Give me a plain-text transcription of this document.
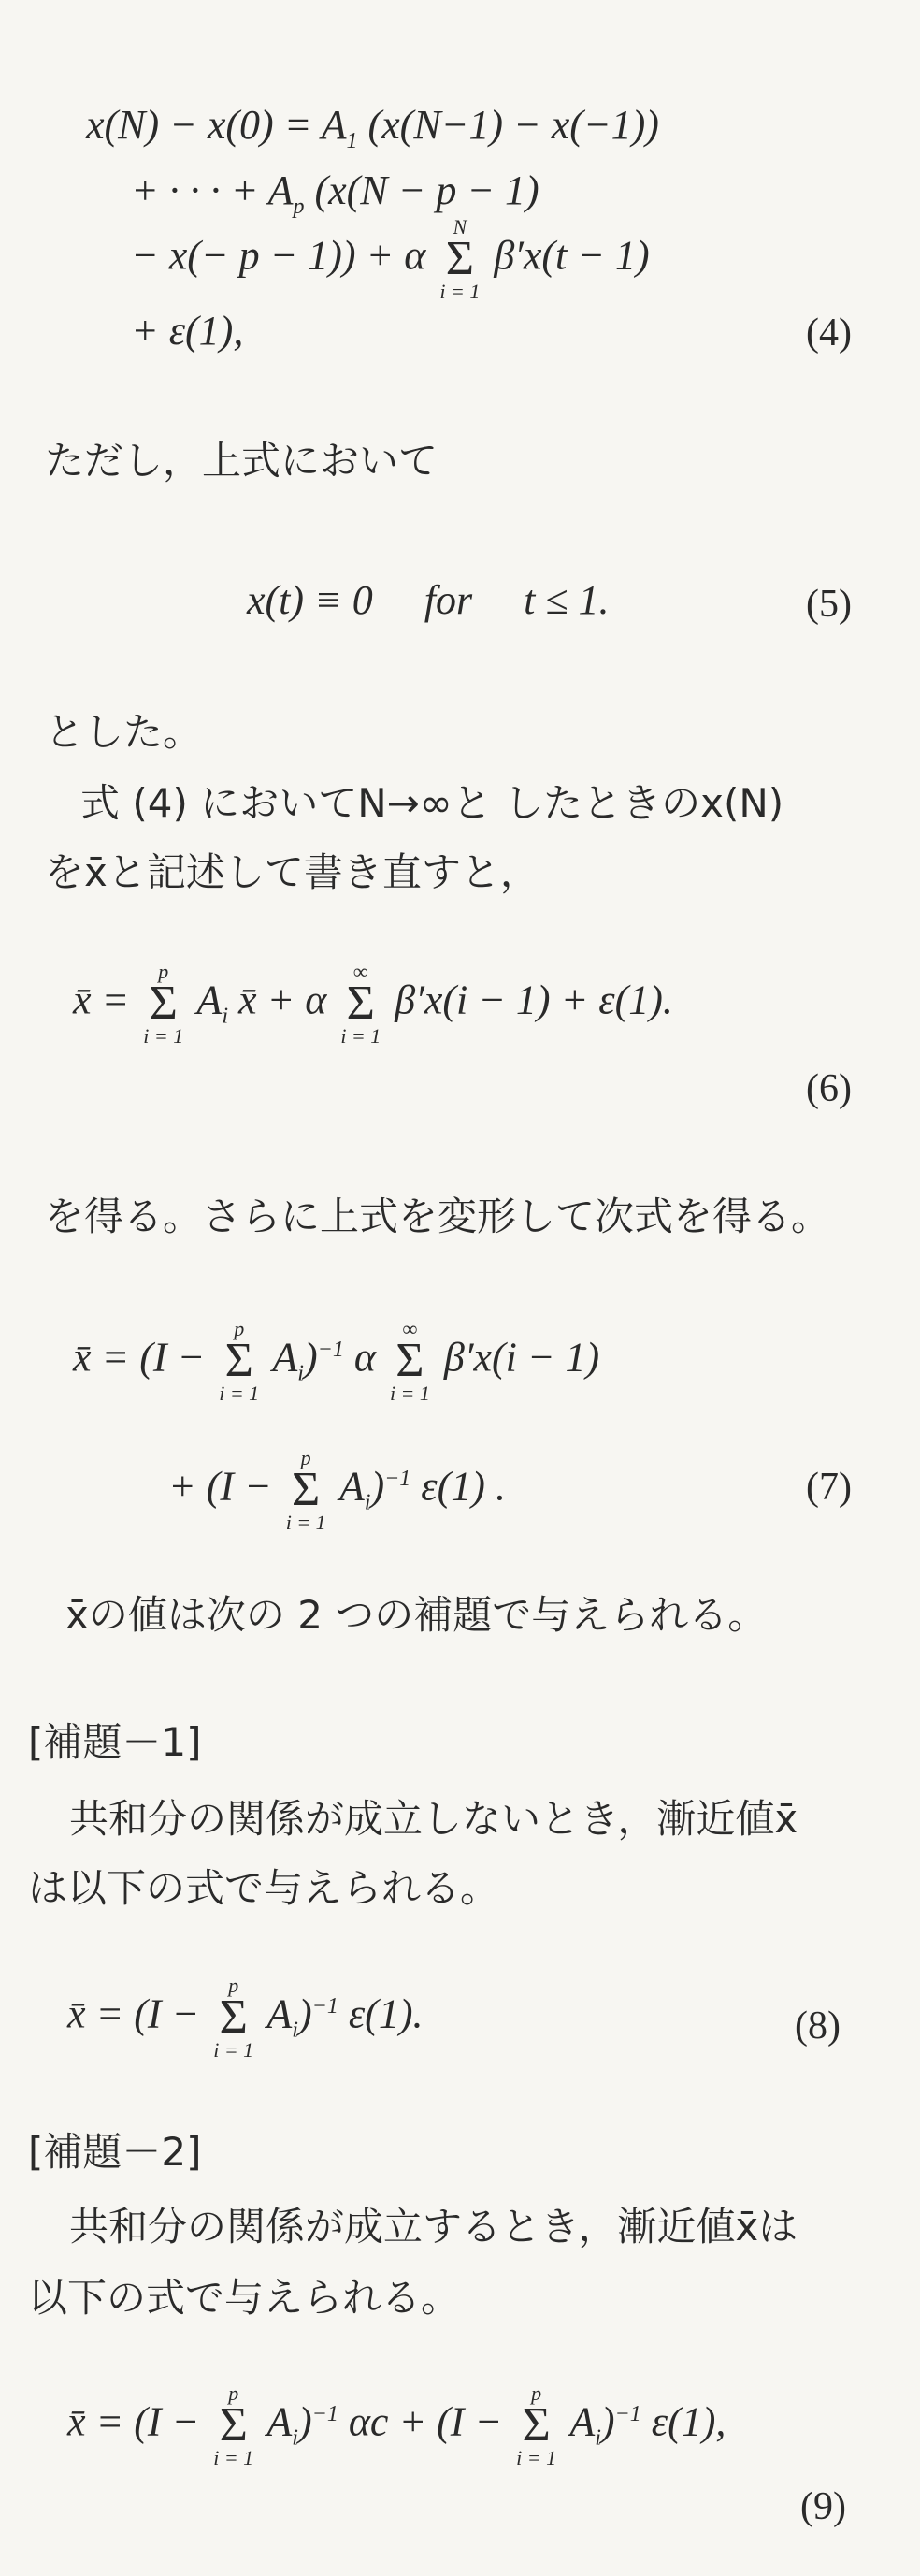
$x(N) - x(0) = A_1$ (x(N−1) − x(−1))
+ · · · + $A_p$ (x(N − p − 1)
− x(− p − 1)) + α
N
Σ
i = 1
β′x(t − 1)
+ ε(1),	(4)
ただし，上式において
x(t) ≡ 0     for     t ≤ 1.	(5)
とした。
式 (4) においてN→∞と したときのx(N)
をx̄と記述して書き直すと，
x̄ =
p
Σ
i = 1
$A_i$ x̄ + α
∞
Σ
i = 1
β′x(i − 1) + ε(1).
(6)
を得る。さらに上式を変形して次式を得る。
x̄ = (I −
p
Σ
i = 1
$A_i)^{-1}$ α
∞
Σ
i = 1
β′x(i − 1)
+ (I −
p
Σ
i = 1
$A_i)^{-1}$ ε(1) .	(7)
x̄の値は次の 2 つの補題で与えられる。
[補題－1]
共和分の関係が成立しないとき，漸近値x̄
は以下の式で与えられる。
x̄ = (I −
p
Σ
i = 1
$A_i)^{-1}$ ε(1).	(8)
[補題－2]
共和分の関係が成立するとき，漸近値x̄は
以下の式で与えられる。
x̄ = (I −
p
Σ
i = 1
$A_i)^{-1}$ αc + (I −
p
Σ
i = 1
$A_i)^{-1}$ ε(1),
(9)
